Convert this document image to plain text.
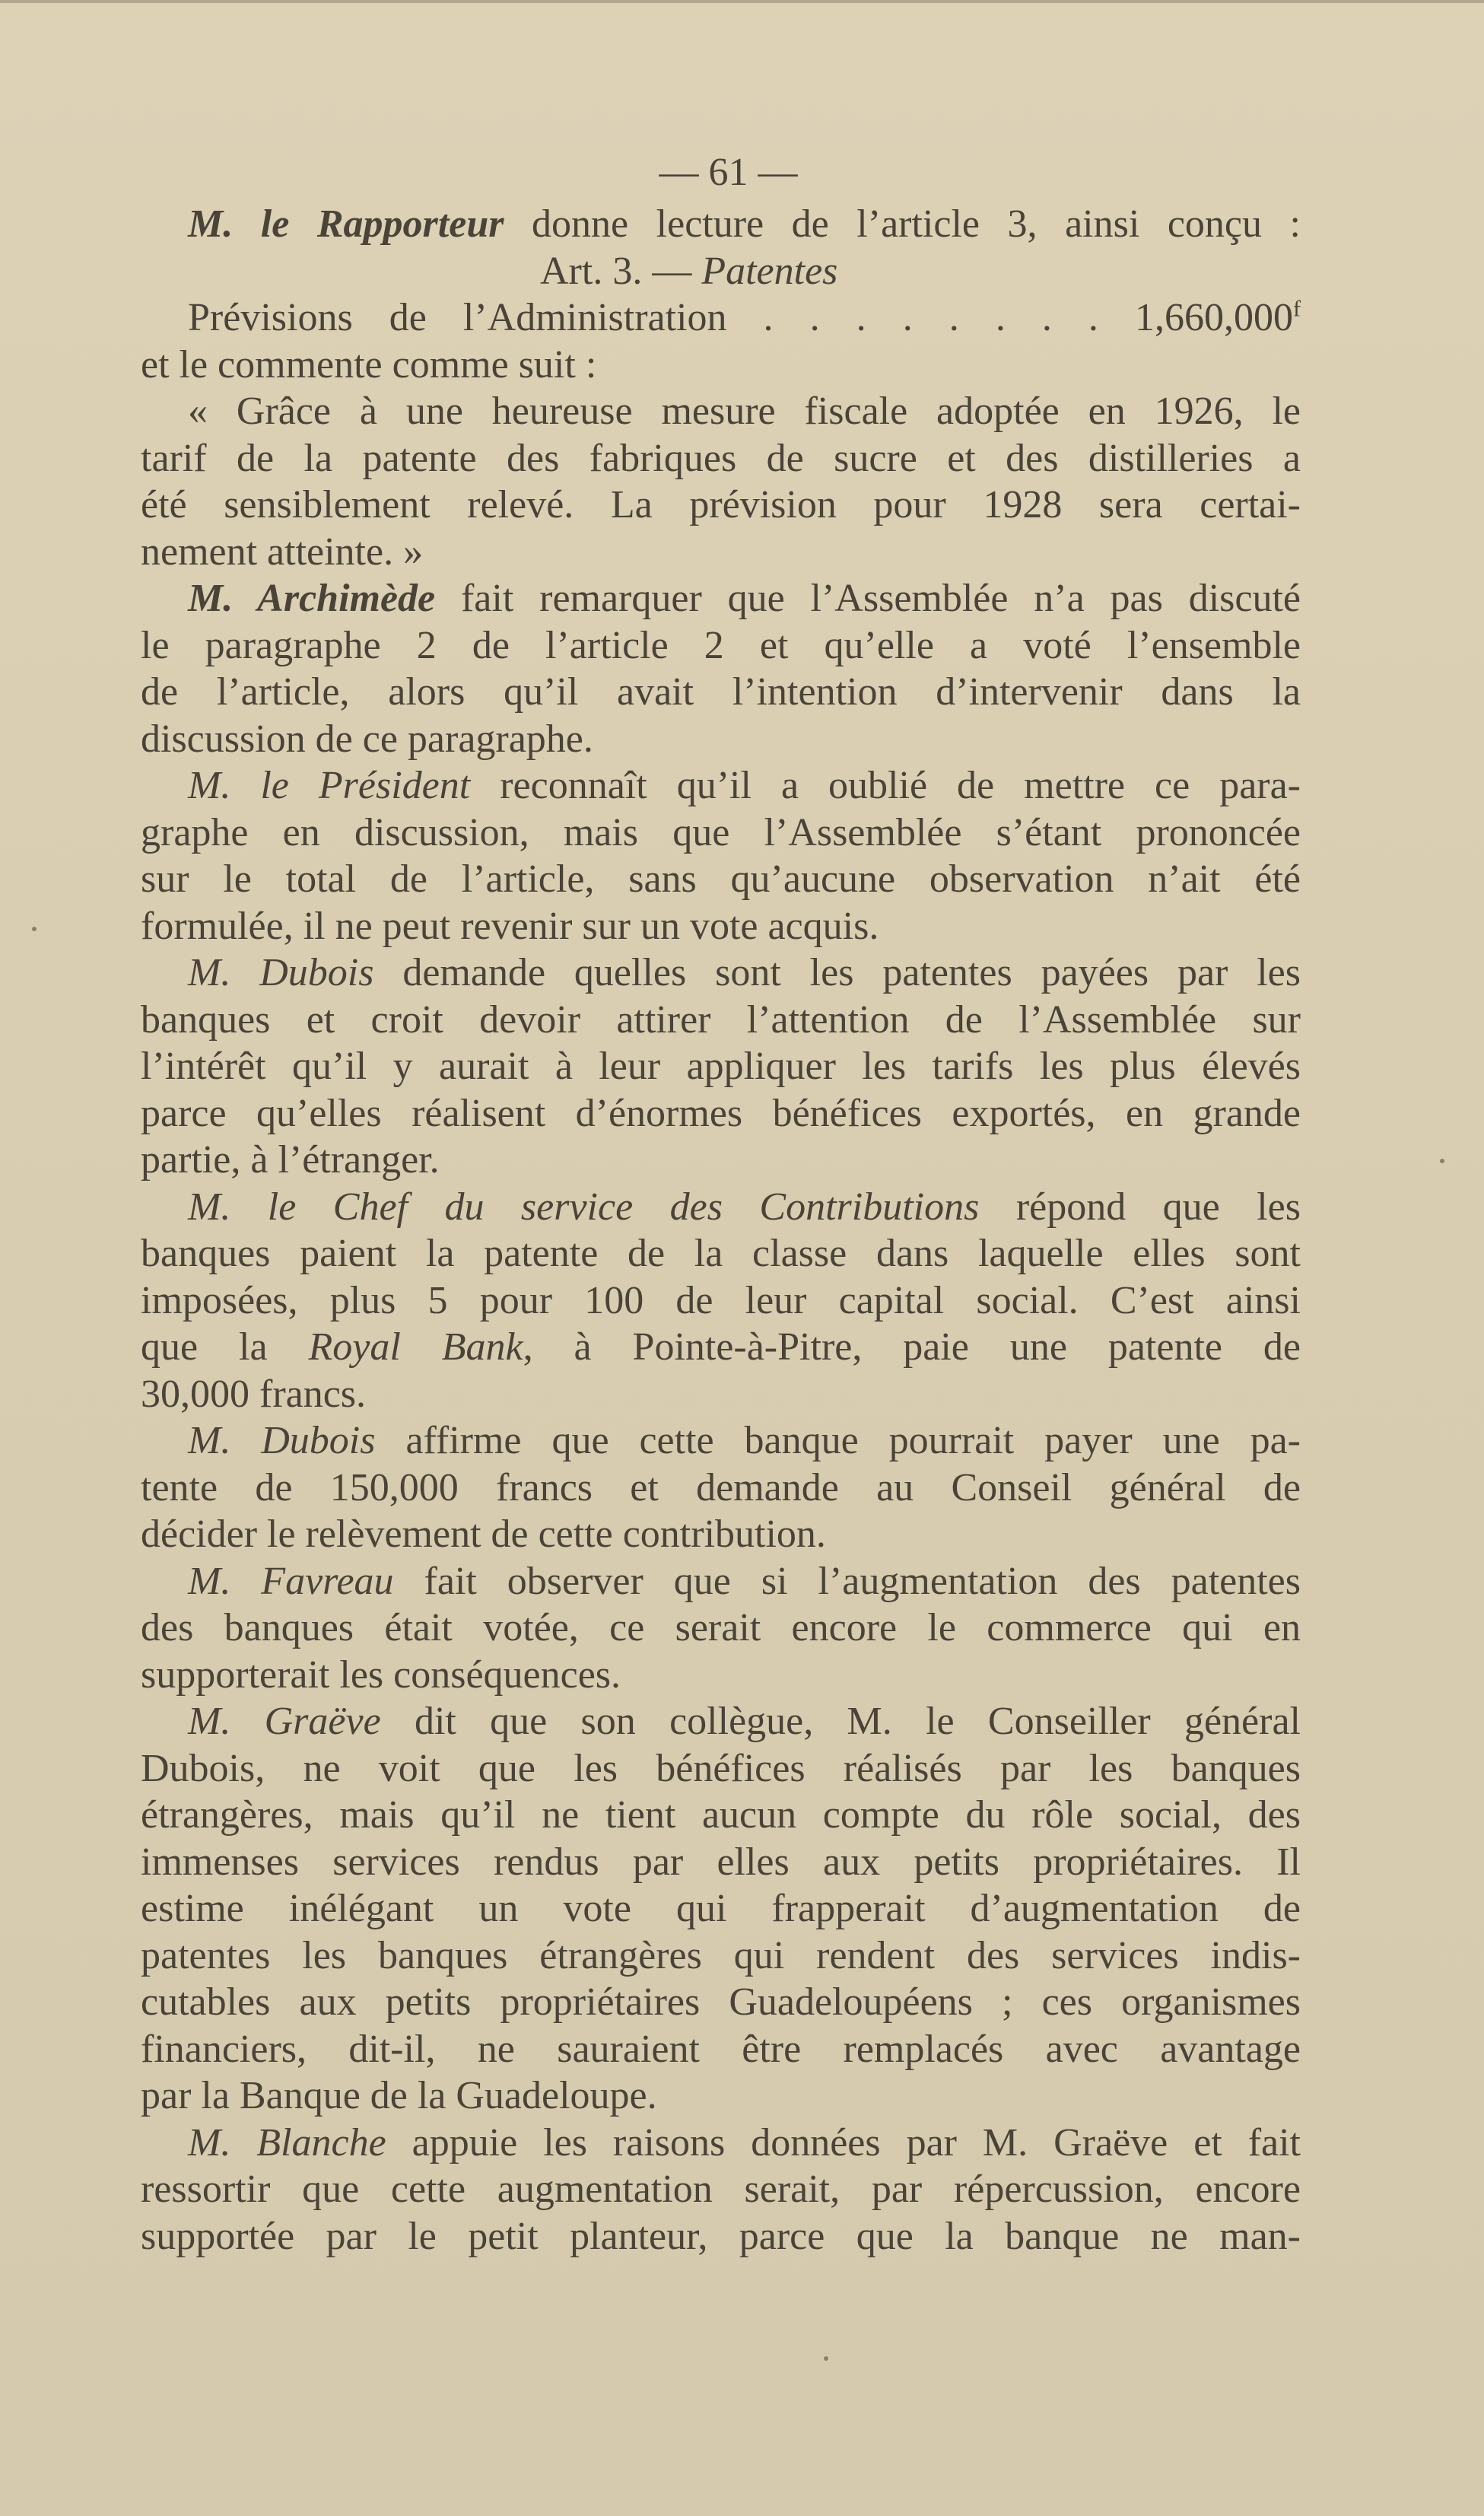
— 61 —
M. le Rapporteur donne lecture de l’article 3, ainsi conçu :
Art. 3. — Patentes
Prévisions de l’Administration . . . . . . . . 1,660,000$^f$
et le commente comme suit :
« Grâce à une heureuse mesure fiscale adoptée en 1926, le
tarif de la patente des fabriques de sucre et des distilleries a
été sensiblement relevé. La prévision pour 1928 sera certai-
nement atteinte. »
M. Archimède fait remarquer que l’Assemblée n’a pas discuté
le paragraphe 2 de l’article 2 et qu’elle a voté l’ensemble
de l’article, alors qu’il avait l’intention d’intervenir dans la
discussion de ce paragraphe.
M. le Président reconnaît qu’il a oublié de mettre ce para-
graphe en discussion, mais que l’Assemblée s’étant prononcée
sur le total de l’article, sans qu’aucune observation n’ait été
formulée, il ne peut revenir sur un vote acquis.
M. Dubois demande quelles sont les patentes payées par les
banques et croit devoir attirer l’attention de l’Assemblée sur
l’intérêt qu’il y aurait à leur appliquer les tarifs les plus élevés
parce qu’elles réalisent d’énormes bénéfices exportés, en grande
partie, à l’étranger.
M. le Chef du service des Contributions répond que les
banques paient la patente de la classe dans laquelle elles sont
imposées, plus 5 pour 100 de leur capital social. C’est ainsi
que la Royal Bank, à Pointe-à-Pitre, paie une patente de
30,000 francs.
M. Dubois affirme que cette banque pourrait payer une pa-
tente de 150,000 francs et demande au Conseil général de
décider le relèvement de cette contribution.
M. Favreau fait observer que si l’augmentation des patentes
des banques était votée, ce serait encore le commerce qui en
supporterait les conséquences.
M. Graëve dit que son collègue, M. le Conseiller général
Dubois, ne voit que les bénéfices réalisés par les banques
étrangères, mais qu’il ne tient aucun compte du rôle social, des
immenses services rendus par elles aux petits propriétaires. Il
estime inélégant un vote qui frapperait d’augmentation de
patentes les banques étrangères qui rendent des services indis-
cutables aux petits propriétaires Guadeloupéens ; ces organismes
financiers, dit-il, ne sauraient être remplacés avec avantage
par la Banque de la Guadeloupe.
M. Blanche appuie les raisons données par M. Graëve et fait
ressortir que cette augmentation serait, par répercussion, encore
supportée par le petit planteur, parce que la banque ne man-
